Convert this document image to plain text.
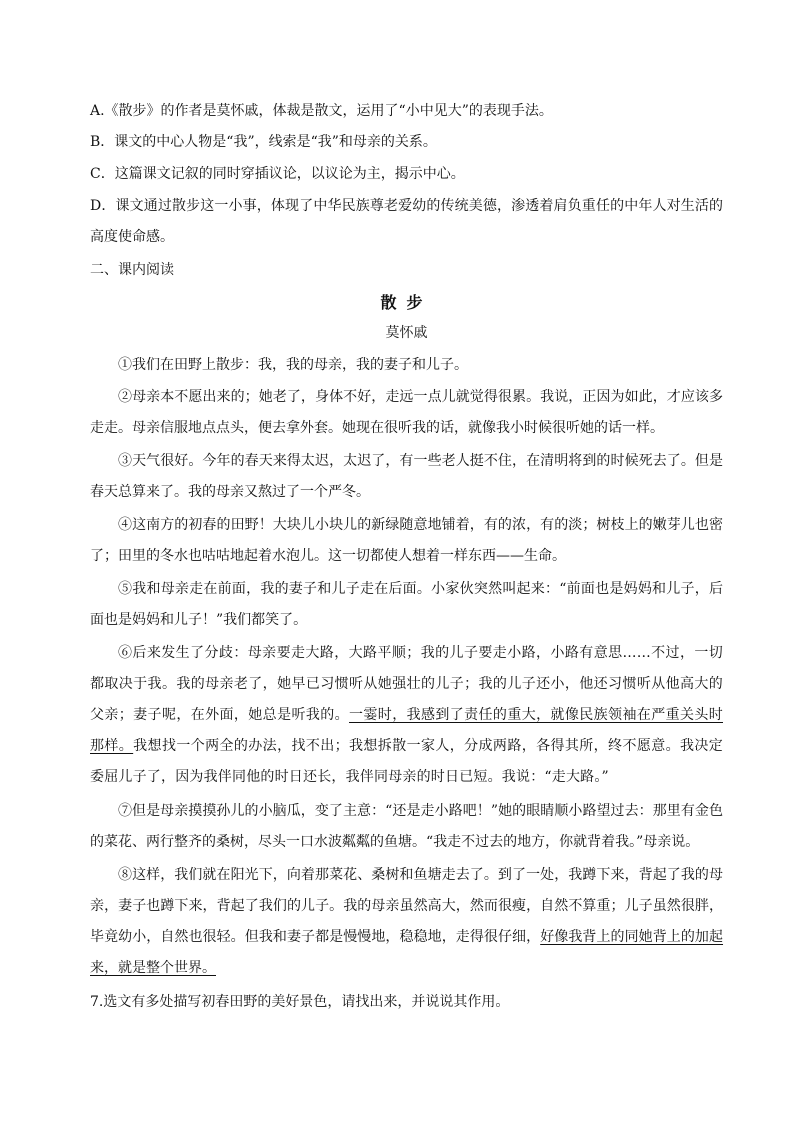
A.《散步》的作者是莫怀戚，体裁是散文，运用了“小中见大”的表现手法。

B．课文的中心人物是“我”，线索是“我”和母亲的关系。

C．这篇课文记叙的同时穿插议论，以议论为主，揭示中心。

D．课文通过散步这一小事，体现了中华民族尊老爱幼的传统美德，渗透着肩负重任的中年人对生活的高度使命感。

二、课内阅读

散步

莫怀戚

①我们在田野上散步：我，我的母亲，我的妻子和儿子。

②母亲本不愿出来的；她老了，身体不好，走远一点儿就觉得很累。我说，正因为如此，才应该多走走。母亲信服地点点头，便去拿外套。她现在很听我的话，就像我小时候很听她的话一样。

③天气很好。今年的春天来得太迟，太迟了，有一些老人挺不住，在清明将到的时候死去了。但是春天总算来了。我的母亲又熬过了一个严冬。

④这南方的初春的田野！大块儿小块儿的新绿随意地铺着，有的浓，有的淡；树枝上的嫩芽儿也密了；田里的冬水也咕咕地起着水泡儿。这一切都使人想着一样东西——生命。

⑤我和母亲走在前面，我的妻子和儿子走在后面。小家伙突然叫起来：“前面也是妈妈和儿子，后面也是妈妈和儿子！”我们都笑了。

⑥后来发生了分歧：母亲要走大路，大路平顺；我的儿子要走小路，小路有意思……不过，一切都取决于我。我的母亲老了，她早已习惯听从她强壮的儿子；我的儿子还小，他还习惯听从他高大的父亲；妻子呢，在外面，她总是听我的。一霎时，我感到了责任的重大，就像民族领袖在严重关头时那样。我想找一个两全的办法，找不出；我想拆散一家人，分成两路，各得其所，终不愿意。我决定委屈儿子了，因为我伴同他的时日还长，我伴同母亲的时日已短。我说：“走大路。”

⑦但是母亲摸摸孙儿的小脑瓜，变了主意：“还是走小路吧！”她的眼睛顺小路望过去：那里有金色的菜花、两行整齐的桑树，尽头一口水波粼粼的鱼塘。“我走不过去的地方，你就背着我。”母亲说。

⑧这样，我们就在阳光下，向着那菜花、桑树和鱼塘走去了。到了一处，我蹲下来，背起了我的母亲，妻子也蹲下来，背起了我们的儿子。我的母亲虽然高大，然而很瘦，自然不算重；儿子虽然很胖，毕竟幼小，自然也很轻。但我和妻子都是慢慢地，稳稳地，走得很仔细，好像我背上的同她背上的加起来，就是整个世界。

7.选文有多处描写初春田野的美好景色，请找出来，并说说其作用。
